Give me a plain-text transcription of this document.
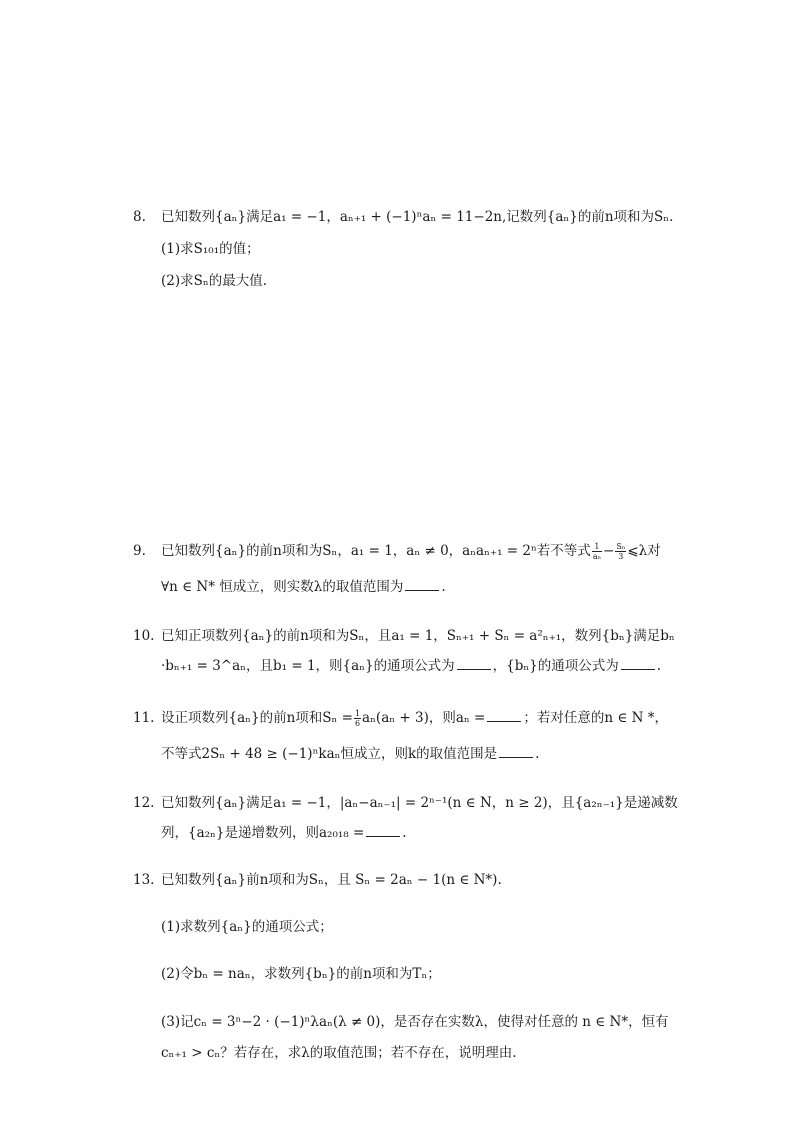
8.	已知数列{aₙ}满足a₁ = −1，aₙ₊₁ + (−1)ⁿaₙ = 11−2n,记数列{aₙ}的前n项和为Sₙ.
(1)求S₁₀₁的值；
(2)求Sₙ的最大值.
9.	已知数列{aₙ}的前n项和为Sₙ，a₁ = 1，aₙ ≠ 0，aₙaₙ₊₁ = 2ⁿ若不等式 $\frac{1}{\text{aₙ}} - \frac{\text{Sₙ}}{3}$ ⩽λ对
∀n ∈ N* 恒成立，则实数λ的取值范围为	.
10. 已知正项数列{aₙ}的前n项和为Sₙ，且a₁ = 1，Sₙ₊₁ + Sₙ = a²ₙ₊₁，数列{bₙ}满足bₙ
·bₙ₊₁ = 3^aₙ，且b₁ = 1，则{aₙ}的通项公式为	，{bₙ}的通项公式为	.
11. 设正项数列{aₙ}的前n项和$S_n = \frac{1}{6} a_n(a_n + 3)$，则aₙ =	；若对任意的n ∈ N *，
不等式2Sₙ + 48 ≥ (−1)ⁿkaₙ恒成立，则k的取值范围是	.
12. 已知数列{aₙ}满足a₁ = −1，|aₙ−aₙ₋₁| = 2ⁿ⁻¹(n ∈ N，n ≥ 2)，且{a₂ₙ₋₁}是递减数
列，{a₂ₙ}是递增数列，则a₂₀₁₈ =	.
13. 已知数列{aₙ}前n项和为Sₙ，且 Sₙ = 2aₙ − 1(n ∈ N*).
(1)求数列{aₙ}的通项公式；
(2)令bₙ = naₙ，求数列{bₙ}的前n项和为Tₙ；
(3)记cₙ = 3ⁿ−2 · (−1)ⁿλaₙ(λ ≠ 0)，是否存在实数λ，使得对任意的 n ∈ N*，恒有
cₙ₊₁ > cₙ？若存在，求λ的取值范围；若不存在，说明理由.
